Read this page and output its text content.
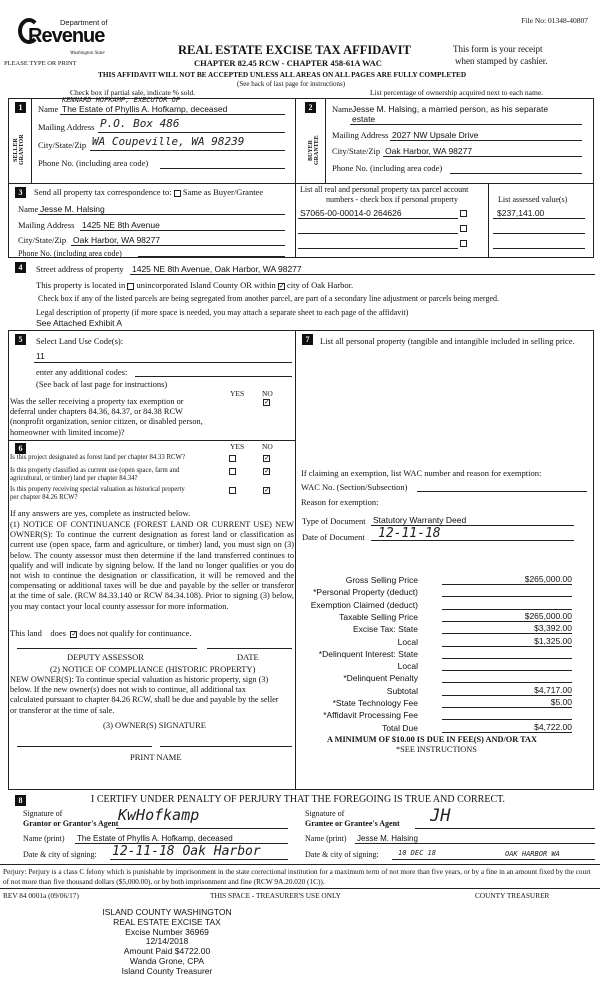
File No: 01348-40807
Department of
Revenue
Washington State
PLEASE TYPE OR PRINT
REAL ESTATE EXCISE TAX AFFIDAVIT
CHAPTER 82.45 RCW - CHAPTER 458-61A WAC
This form is your receipt
when stamped by cashier.
THIS AFFIDAVIT WILL NOT BE ACCEPTED UNLESS ALL AREAS ON ALL PAGES ARE FULLY COMPLETED
(See back of last page for instructions)
Check box if partial sale, indicate % sold.	List percentage of ownership acquired next to each name.
1	2
SELLER GRANTOR	BUYER GRANTEE
Name
KENNARD HOFKAMP, EXECUTOR OF
The Estate of Phyllis A. Hofkamp, deceased
Mailing Address P.O. Box 486
City/State/Zip WA Coupeville, WA 98239
Phone No. (including area code)
Name Jesse M. Halsing, a married person, as his separate
estate
Mailing Address 2027 NW Upsale Drive
City/State/Zip Oak Harbor, WA 98277
Phone No. (including area code)
3	Send all property tax correspondence to: Same as Buyer/Grantee
Name Jesse M. Halsing
Mailing Address 1425 NE 8th Avenue
City/State/Zip Oak Harbor, WA 98277
Phone No. (including area code)
List all real and personal property tax parcel account
numbers - check box if personal property	List assessed value(s)
S7065-00-00014-0 264626	$237,141.00
4	Street address of property 1425 NE 8th Avenue, Oak Harbor, WA 98277
This property is located in unincorporated Island County OR within ✓ city of Oak Harbor.
Check box if any of the listed parcels are being segregated from another parcel, are part of a secondary line adjustment or parcels being merged.
Legal description of property (if more space is needed, you may attach a separate sheet to each page of the affidavit)
See Attached Exhibit A
5	Select Land Use Code(s):
11
enter any additional codes:
(See back of last page for instructions)
YES NO
✓
Was the seller receiving a property tax exemption or
deferral under chapters 84.36, 84.37, or 84.38 RCW
(nonprofit organization, senior citizen, or disabled person,
homeowner with limited income)?
6	YES NO
Is this project designated as forest land per chapter 84.33 RCW?	✓
Is this property classified as current use (open space, farm and
agricultural, or timber) land per chapter 84.34?
✓
Is this property receiving special valuation as historical property
per chapter 84.26 RCW?
✓
If any answers are yes, complete as instructed below.
(1) NOTICE OF CONTINUANCE (FOREST LAND OR CURRENT USE) NEW OWNER(S): To continue the current designation as forest land or classification as current use (open space, farm and agriculture, or timber) land, you must sign on (3) below. The county assessor must then determine if the land transferred continues to qualify and will indicate by signing below. If the land no longer qualifies or you do not wish to continue the designation or classification, it will be removed and the compensating or additional taxes will be due and payable by the seller or transferor at the time of sale. (RCW 84.33.140 or RCW 84.34.108). Prior to signing (3) below, you may contact your local county assessor for more information.
This land does ✓ does not qualify for continuance.
DEPUTY ASSESSOR	DATE
(2) NOTICE OF COMPLIANCE (HISTORIC PROPERTY)
NEW OWNER(S): To continue special valuation as historic property, sign (3) below. If the new owner(s) does not wish to continue, all additional tax calculated pursuant to chapter 84.26 RCW, shall be due and payable by the seller or transferor at the time of sale.
(3) OWNER(S) SIGNATURE
PRINT NAME
7	List all personal property (tangible and intangible included in selling price.
If claiming an exemption, list WAC number and reason for exemption:
WAC No. (Section/Subsection)
Reason for exemption:
Type of Document Statutory Warranty Deed
Date of Document 12-11-18
Gross Selling Price	$265,000.00
*Personal Property (deduct)
Exemption Claimed (deduct)
Taxable Selling Price	$265,000.00
Excise Tax: State	$3,392.00
Local	$1,325.00
*Delinquent Interest: State
Local
*Delinquent Penalty
Subtotal	$4,717.00
*State Technology Fee	$5.00
*Affidavit Processing Fee
Total Due	$4,722.00
A MINIMUM OF $10.00 IS DUE IN FEE(S) AND/OR TAX
*SEE INSTRUCTIONS
8	I CERTIFY UNDER PENALTY OF PERJURY THAT THE FOREGOING IS TRUE AND CORRECT.
Signature of
Grantor or Grantor's Agent KwHofkamp
Name (print) The Estate of Phyllis A. Hofkamp, deceased
Date & city of signing: 12-11-18 Oak Harbor
Signature of
Grantee or Grantee's Agent JH
Name (print) Jesse M. Halsing
Date & city of signing:	10 DEC 18	OAK HARBOR WA
Perjury: Perjury is a class C felony which is punishable by imprisonment in the state correctional institution for a maximum term of not more than five years, or by a fine in an amount fixed by the court of not more than five thousand dollars ($5,000.00), or by both imprisonment and fine (RCW 9A.20.020 (1C)).
REV 84 0001a (09/06/17)	THIS SPACE - TREASURER'S USE ONLY	COUNTY TREASURER
ISLAND COUNTY WASHINGTON
REAL ESTATE EXCISE TAX
Excise Number 36969
12/14/2018
Amount Paid $4722.00
Wanda Grone, CPA
Island County Treasurer
